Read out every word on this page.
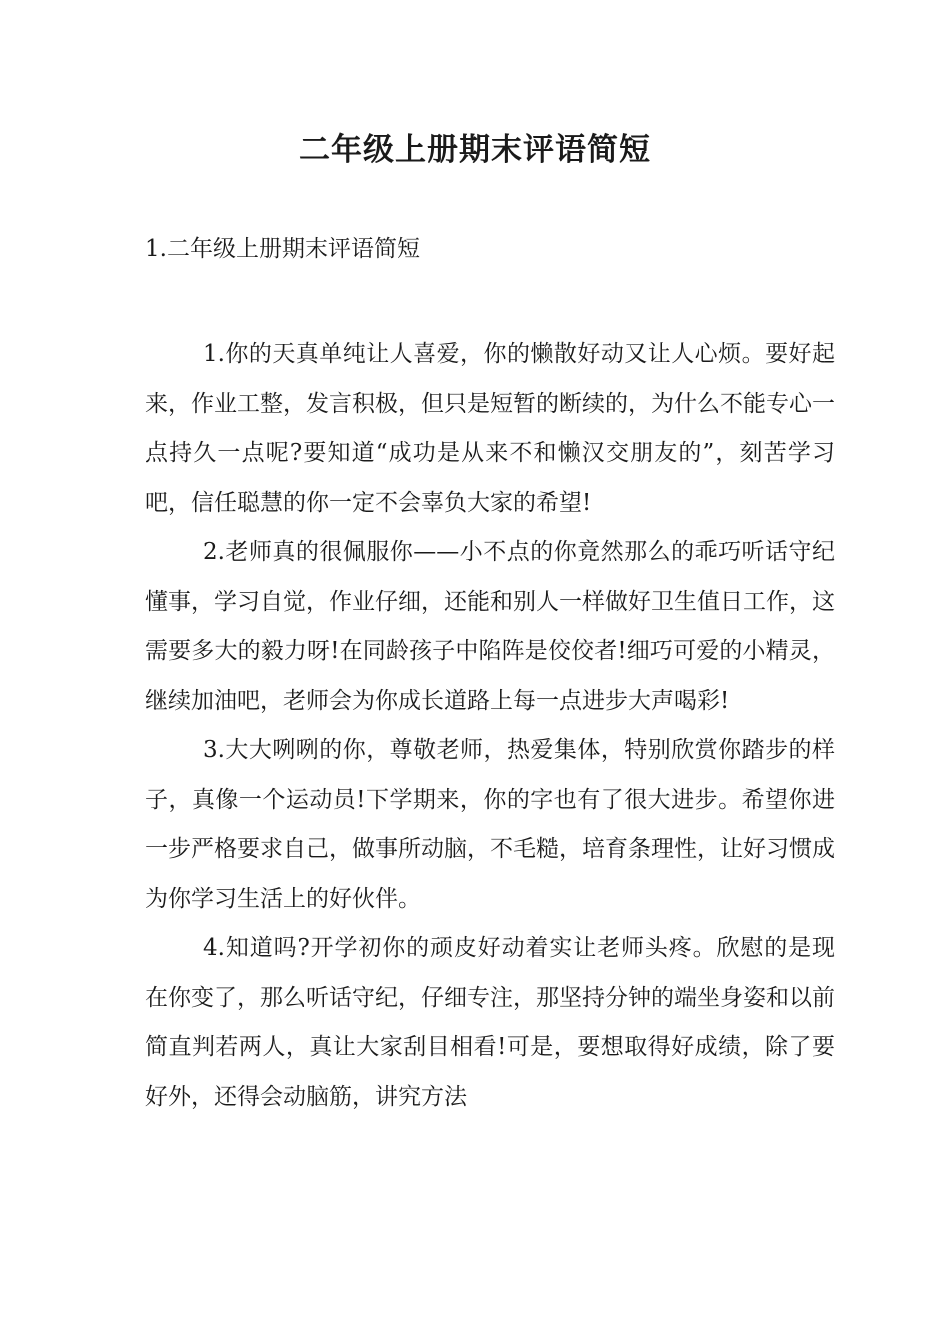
二年级上册期末评语简短
1.二年级上册期末评语简短

1.你的天真单纯让人喜爱，你的懒散好动又让人心烦。要好起来，作业工整，发言积极，但只是短暂的断续的，为什么不能专心一点持久一点呢?要知道“成功是从来不和懒汉交朋友的”，刻苦学习吧，信任聪慧的你一定不会辜负大家的希望!

2.老师真的很佩服你——小不点的你竟然那么的乖巧听话守纪懂事，学习自觉，作业仔细，还能和别人一样做好卫生值日工作，这需要多大的毅力呀!在同龄孩子中陷阵是佼佼者!细巧可爱的小精灵，继续加油吧，老师会为你成长道路上每一点进步大声喝彩!

3.大大咧咧的你，尊敬老师，热爱集体，特别欣赏你踏步的样子，真像一个运动员!下学期来，你的字也有了很大进步。希望你进一步严格要求自己，做事所动脑，不毛糙，培育条理性，让好习惯成为你学习生活上的好伙伴。

4.知道吗?开学初你的顽皮好动着实让老师头疼。欣慰的是现在你变了，那么听话守纪，仔细专注，那坚持分钟的端坐身姿和以前简直判若两人，真让大家刮目相看!可是，要想取得好成绩，除了要好外，还得会动脑筋，讲究方法
